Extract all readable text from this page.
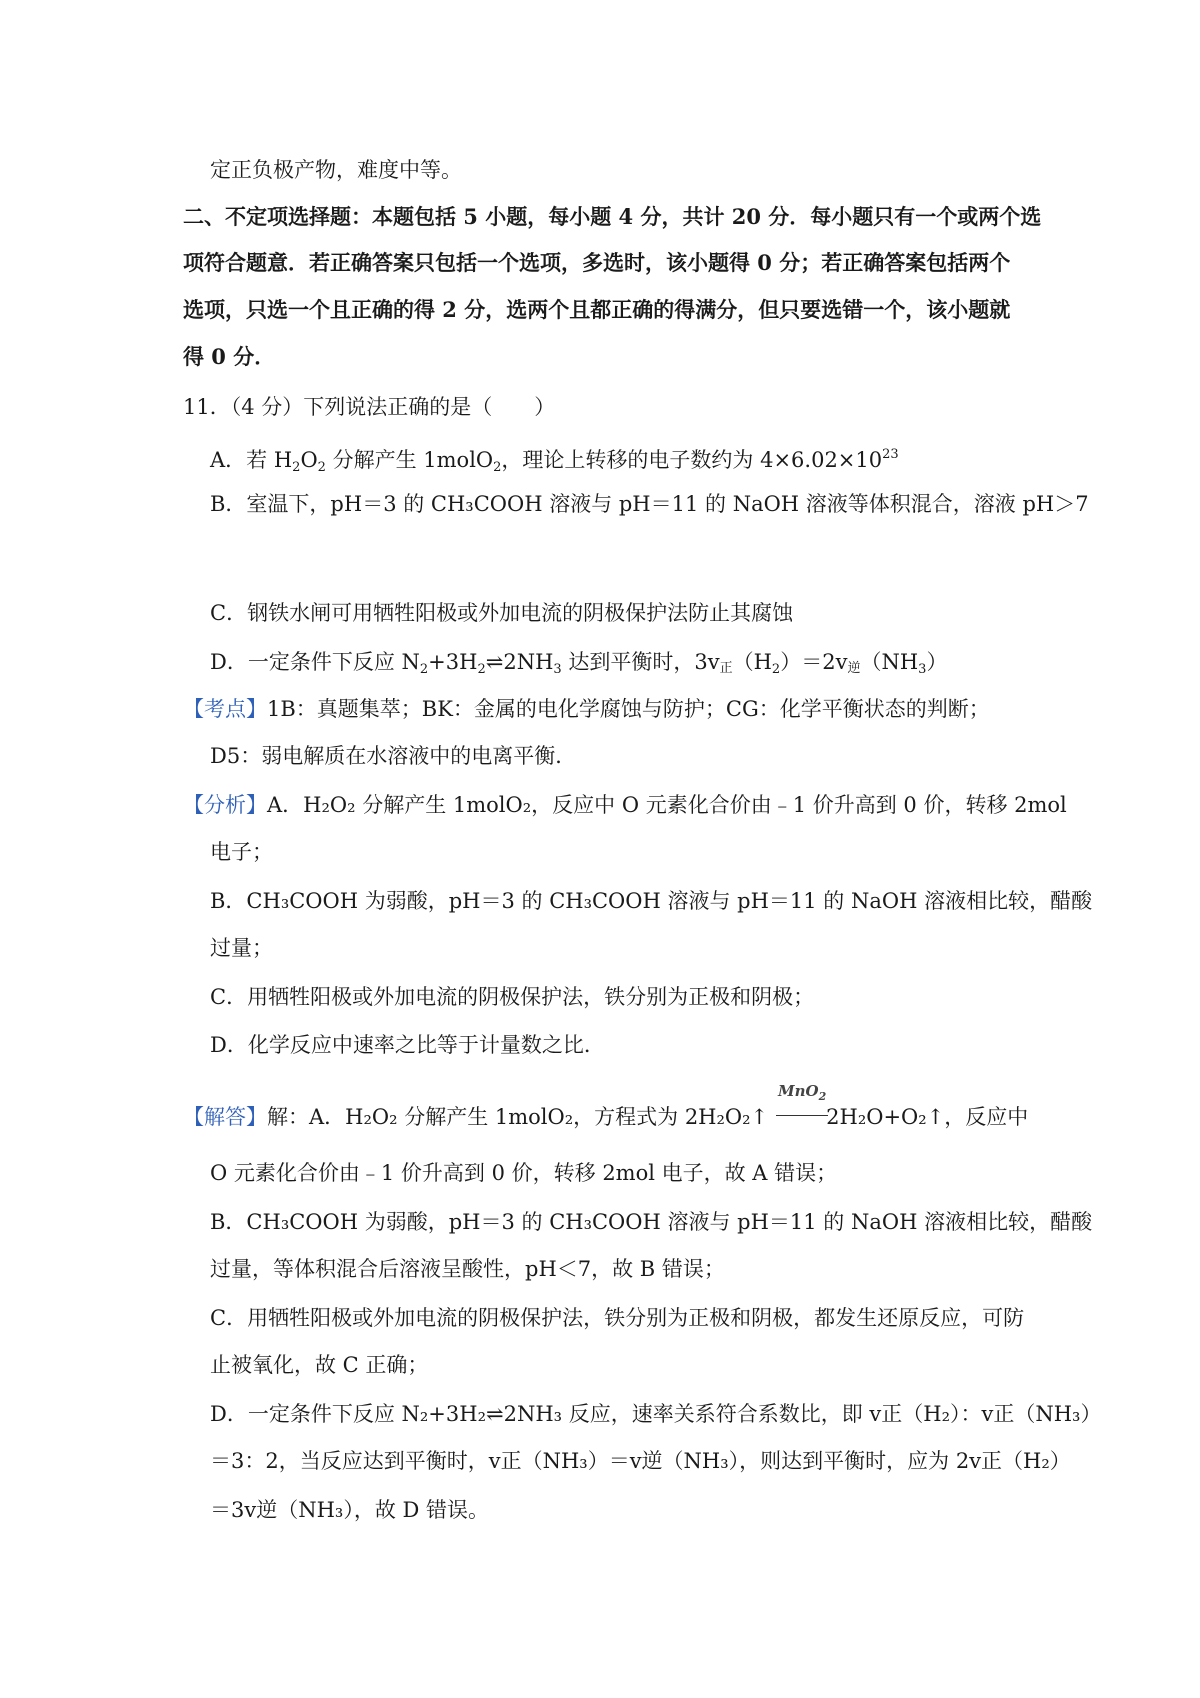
定正负极产物，难度中等。
二、不定项选择题：本题包括 5 小题，每小题 4 分，共计 20 分．每小题只有一个或两个选
项符合题意．若正确答案只包括一个选项，多选时，该小题得 0 分；若正确答案包括两个
选项，只选一个且正确的得 2 分，选两个且都正确的得满分，但只要选错一个，该小题就
得 0 分．
11．（4 分）下列说法正确的是（　　）
A．若 $H_2O_2$ 分解产生 1molO$_2$，理论上转移的电子数约为 $4\times 6.02\times 10^{23}$
B．室温下，pH＝3 的 CH₃COOH 溶液与 pH＝11 的 NaOH 溶液等体积混合，溶液 pH＞7
C．钢铁水闸可用牺牲阳极或外加电流的阴极保护法防止其腐蚀
D．一定条件下反应 $N_2+3H_2\rightleftharpoons 2NH_3$ 达到平衡时，3v正$(H_2)=2v$逆$(NH_3)$
【考点】1B：真题集萃；BK：金属的电化学腐蚀与防护；CG：化学平衡状态的判断；
D5：弱电解质在水溶液中的电离平衡．
【分析】A．H₂O₂ 分解产生 1molO₂，反应中 O 元素化合价由﹣1 价升高到 0 价，转移 2mol
电子；
B．CH₃COOH 为弱酸，pH＝3 的 CH₃COOH 溶液与 pH＝11 的 NaOH 溶液相比较，醋酸
过量；
C．用牺牲阳极或外加电流的阴极保护法，铁分别为正极和阴极；
D．化学反应中速率之比等于计量数之比．
MnO$_2$
【解答】解：A．H₂O₂ 分解产生 1molO₂，方程式为 2H₂O₂↑	2H₂O+O₂↑，反应中
O 元素化合价由﹣1 价升高到 0 价，转移 2mol 电子，故 A 错误；
B．CH₃COOH 为弱酸，pH＝3 的 CH₃COOH 溶液与 pH＝11 的 NaOH 溶液相比较，醋酸
过量，等体积混合后溶液呈酸性，pH＜7，故 B 错误；
C．用牺牲阳极或外加电流的阴极保护法，铁分别为正极和阴极，都发生还原反应，可防
止被氧化，故 C 正确；
D．一定条件下反应 N₂+3H₂⇌2NH₃ 反应，速率关系符合系数比，即 v正（H₂）：v正（NH₃）
＝3：2，当反应达到平衡时，v正（NH₃）＝v逆（NH₃），则达到平衡时，应为 2v正（H₂）
＝3v逆（NH₃），故 D 错误。
